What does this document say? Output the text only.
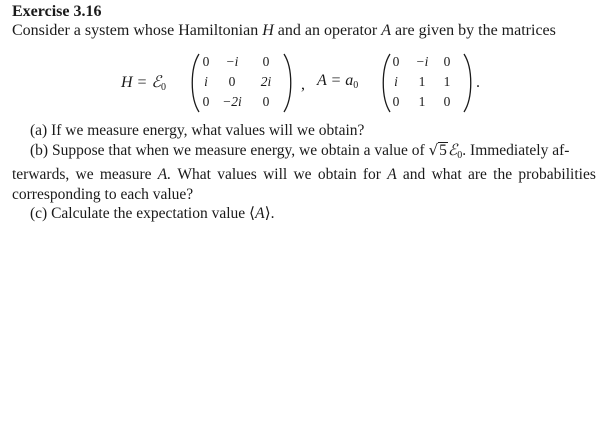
Exercise 3.16
Consider a system whose Hamiltonian H and an operator A are given by the matrices
H = ℰ$_0$
0	−i	0
i	0	2i
0 −2i	0
, $A = a_0$
0	−i	0
i	1	1
0	1	0
.
(a) If we measure energy, what values will we obtain?
(b) Suppose that when we measure energy, we obtain a value of √5ℰ$_0$. Immediately af-
terwards, we measure A. What values will we obtain for A and what are the probabilities
corresponding to each value?
(c) Calculate the expectation value ⟨A⟩.
